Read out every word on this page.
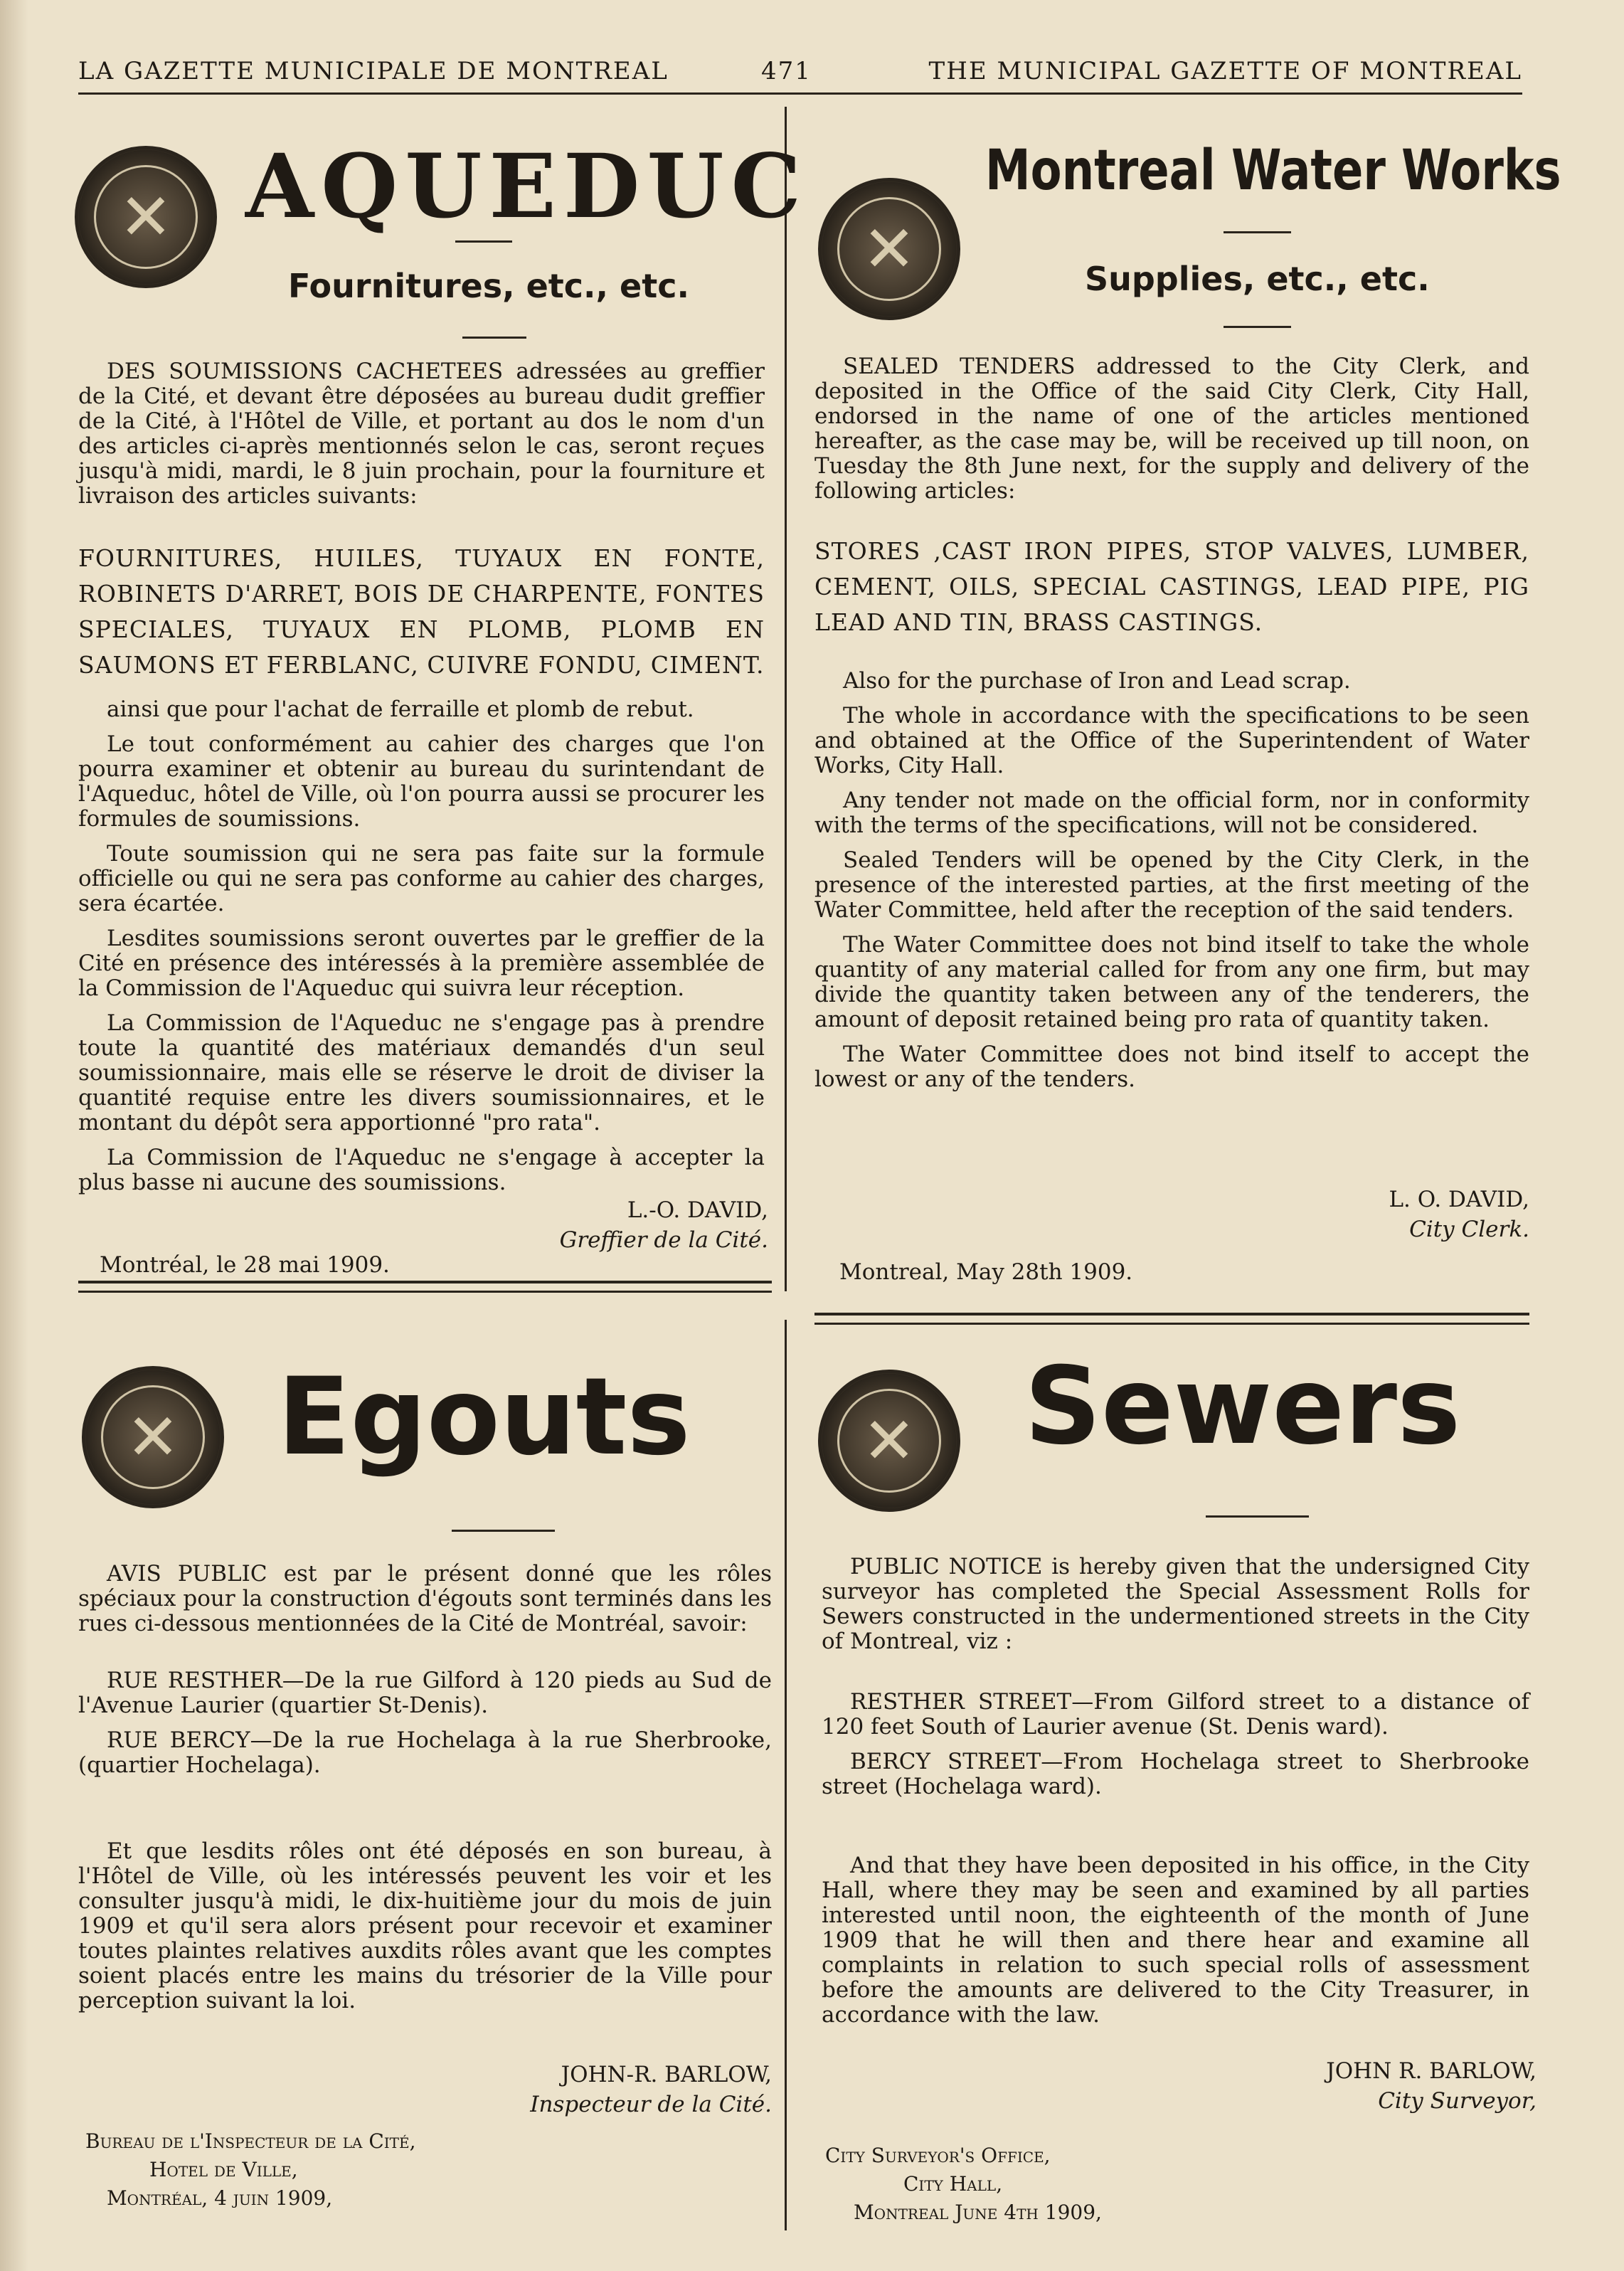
LA GAZETTE MUNICIPALE DE MONTREAL	471	THE MUNICIPAL GAZETTE OF MONTREAL
✕ AQUEDUC
Fournitures, etc., etc.

DES SOUMISSIONS CACHETEES adressées au greffier de la Cité, et devant être déposées au bureau dudit greffier de la Cité, à l'Hôtel de Ville, et portant au dos le nom d'un des articles ci-après mentionnés selon le cas, seront reçues jusqu'à midi, mardi, le 8 juin prochain, pour la fourniture et livraison des articles suivants:

FOURNITURES, HUILES, TUYAUX EN FONTE, ROBINETS D'ARRET, BOIS DE CHARPENTE, FONTES SPECIALES, TUYAUX EN PLOMB, PLOMB EN SAUMONS ET FERBLANC, CUIVRE FONDU, CIMENT.

ainsi que pour l'achat de ferraille et plomb de rebut.

Le tout conformément au cahier des charges que l'on pourra examiner et obtenir au bureau du surintendant de l'Aqueduc, hôtel de Ville, où l'on pourra aussi se procurer les formules de soumissions.

Toute soumission qui ne sera pas faite sur la formule officielle ou qui ne sera pas conforme au cahier des charges, sera écartée.

Lesdites soumissions seront ouvertes par le greffier de la Cité en présence des intéressés à la première assemblée de la Commission de l'Aqueduc qui suivra leur réception.

La Commission de l'Aqueduc ne s'engage pas à prendre toute la quantité des matériaux demandés d'un seul soumissionnaire, mais elle se réserve le droit de diviser la quantité requise entre les divers soumissionnaires, et le montant du dépôt sera apportionné "pro rata".

La Commission de l'Aqueduc ne s'engage à accepter la plus basse ni aucune des soumissions.

L.-O. DAVID,
Greffier de la Cité.
Montréal, le 28 mai 1909.
✕
Montreal Water Works
Supplies, etc., etc.

SEALED TENDERS addressed to the City Clerk, and deposited in the Office of the said City Clerk, City Hall, endorsed in the name of one of the articles mentioned hereafter, as the case may be, will be received up till noon, on Tuesday the 8th June next, for the supply and delivery of the following articles:

STORES ,CAST IRON PIPES, STOP VALVES, LUMBER, CEMENT, OILS, SPECIAL CASTINGS, LEAD PIPE, PIG LEAD AND TIN, BRASS CASTINGS.

Also for the purchase of Iron and Lead scrap.

The whole in accordance with the specifications to be seen and obtained at the Office of the Superintendent of Water Works, City Hall.

Any tender not made on the official form, nor in conformity with the terms of the specifications, will not be considered.

Sealed Tenders will be opened by the City Clerk, in the presence of the interested parties, at the first meeting of the Water Committee, held after the reception of the said tenders.

The Water Committee does not bind itself to take the whole quantity of any material called for from any one firm, but may divide the quantity taken between any of the tenderers, the amount of deposit retained being pro rata of quantity taken.

The Water Committee does not bind itself to accept the lowest or any of the tenders.

L. O. DAVID,
City Clerk.
Montreal, May 28th 1909.
✕ Egouts

AVIS PUBLIC est par le présent donné que les rôles spéciaux pour la construction d'égouts sont terminés dans les rues ci-dessous mentionnées de la Cité de Montréal, savoir:

RUE RESTHER—De la rue Gilford à 120 pieds au Sud de l'Avenue Laurier (quartier St-Denis).

RUE BERCY—De la rue Hochelaga à la rue Sherbrooke, (quartier Hochelaga).

Et que lesdits rôles ont été déposés en son bureau, à l'Hôtel de Ville, où les intéressés peuvent les voir et les consulter jusqu'à midi, le dix-huitième jour du mois de juin 1909 et qu'il sera alors présent pour recevoir et examiner toutes plaintes relatives auxdits rôles avant que les comptes soient placés entre les mains du trésorier de la Ville pour perception suivant la loi.

JOHN-R. BARLOW,
Inspecteur de la Cité.
Bureau de l'Inspecteur de la Cité,
Hotel de Ville,
Montréal, 4 juin 1909,
✕	Sewers

PUBLIC NOTICE is hereby given that the undersigned City surveyor has completed the Special Assessment Rolls for Sewers constructed in the undermentioned streets in the City of Montreal, viz :

RESTHER STREET—From Gilford street to a distance of 120 feet South of Laurier avenue (St. Denis ward).

BERCY STREET—From Hochelaga street to Sherbrooke street (Hochelaga ward).

And that they have been deposited in his office, in the City Hall, where they may be seen and examined by all parties interested until noon, the eighteenth of the month of June 1909 that he will then and there hear and examine all complaints in relation to such special rolls of assessment before the amounts are delivered to the City Treasurer, in accordance with the law.

JOHN R. BARLOW,
City Surveyor,
City Surveyor's Office,
City Hall,
Montreal June 4th 1909,
